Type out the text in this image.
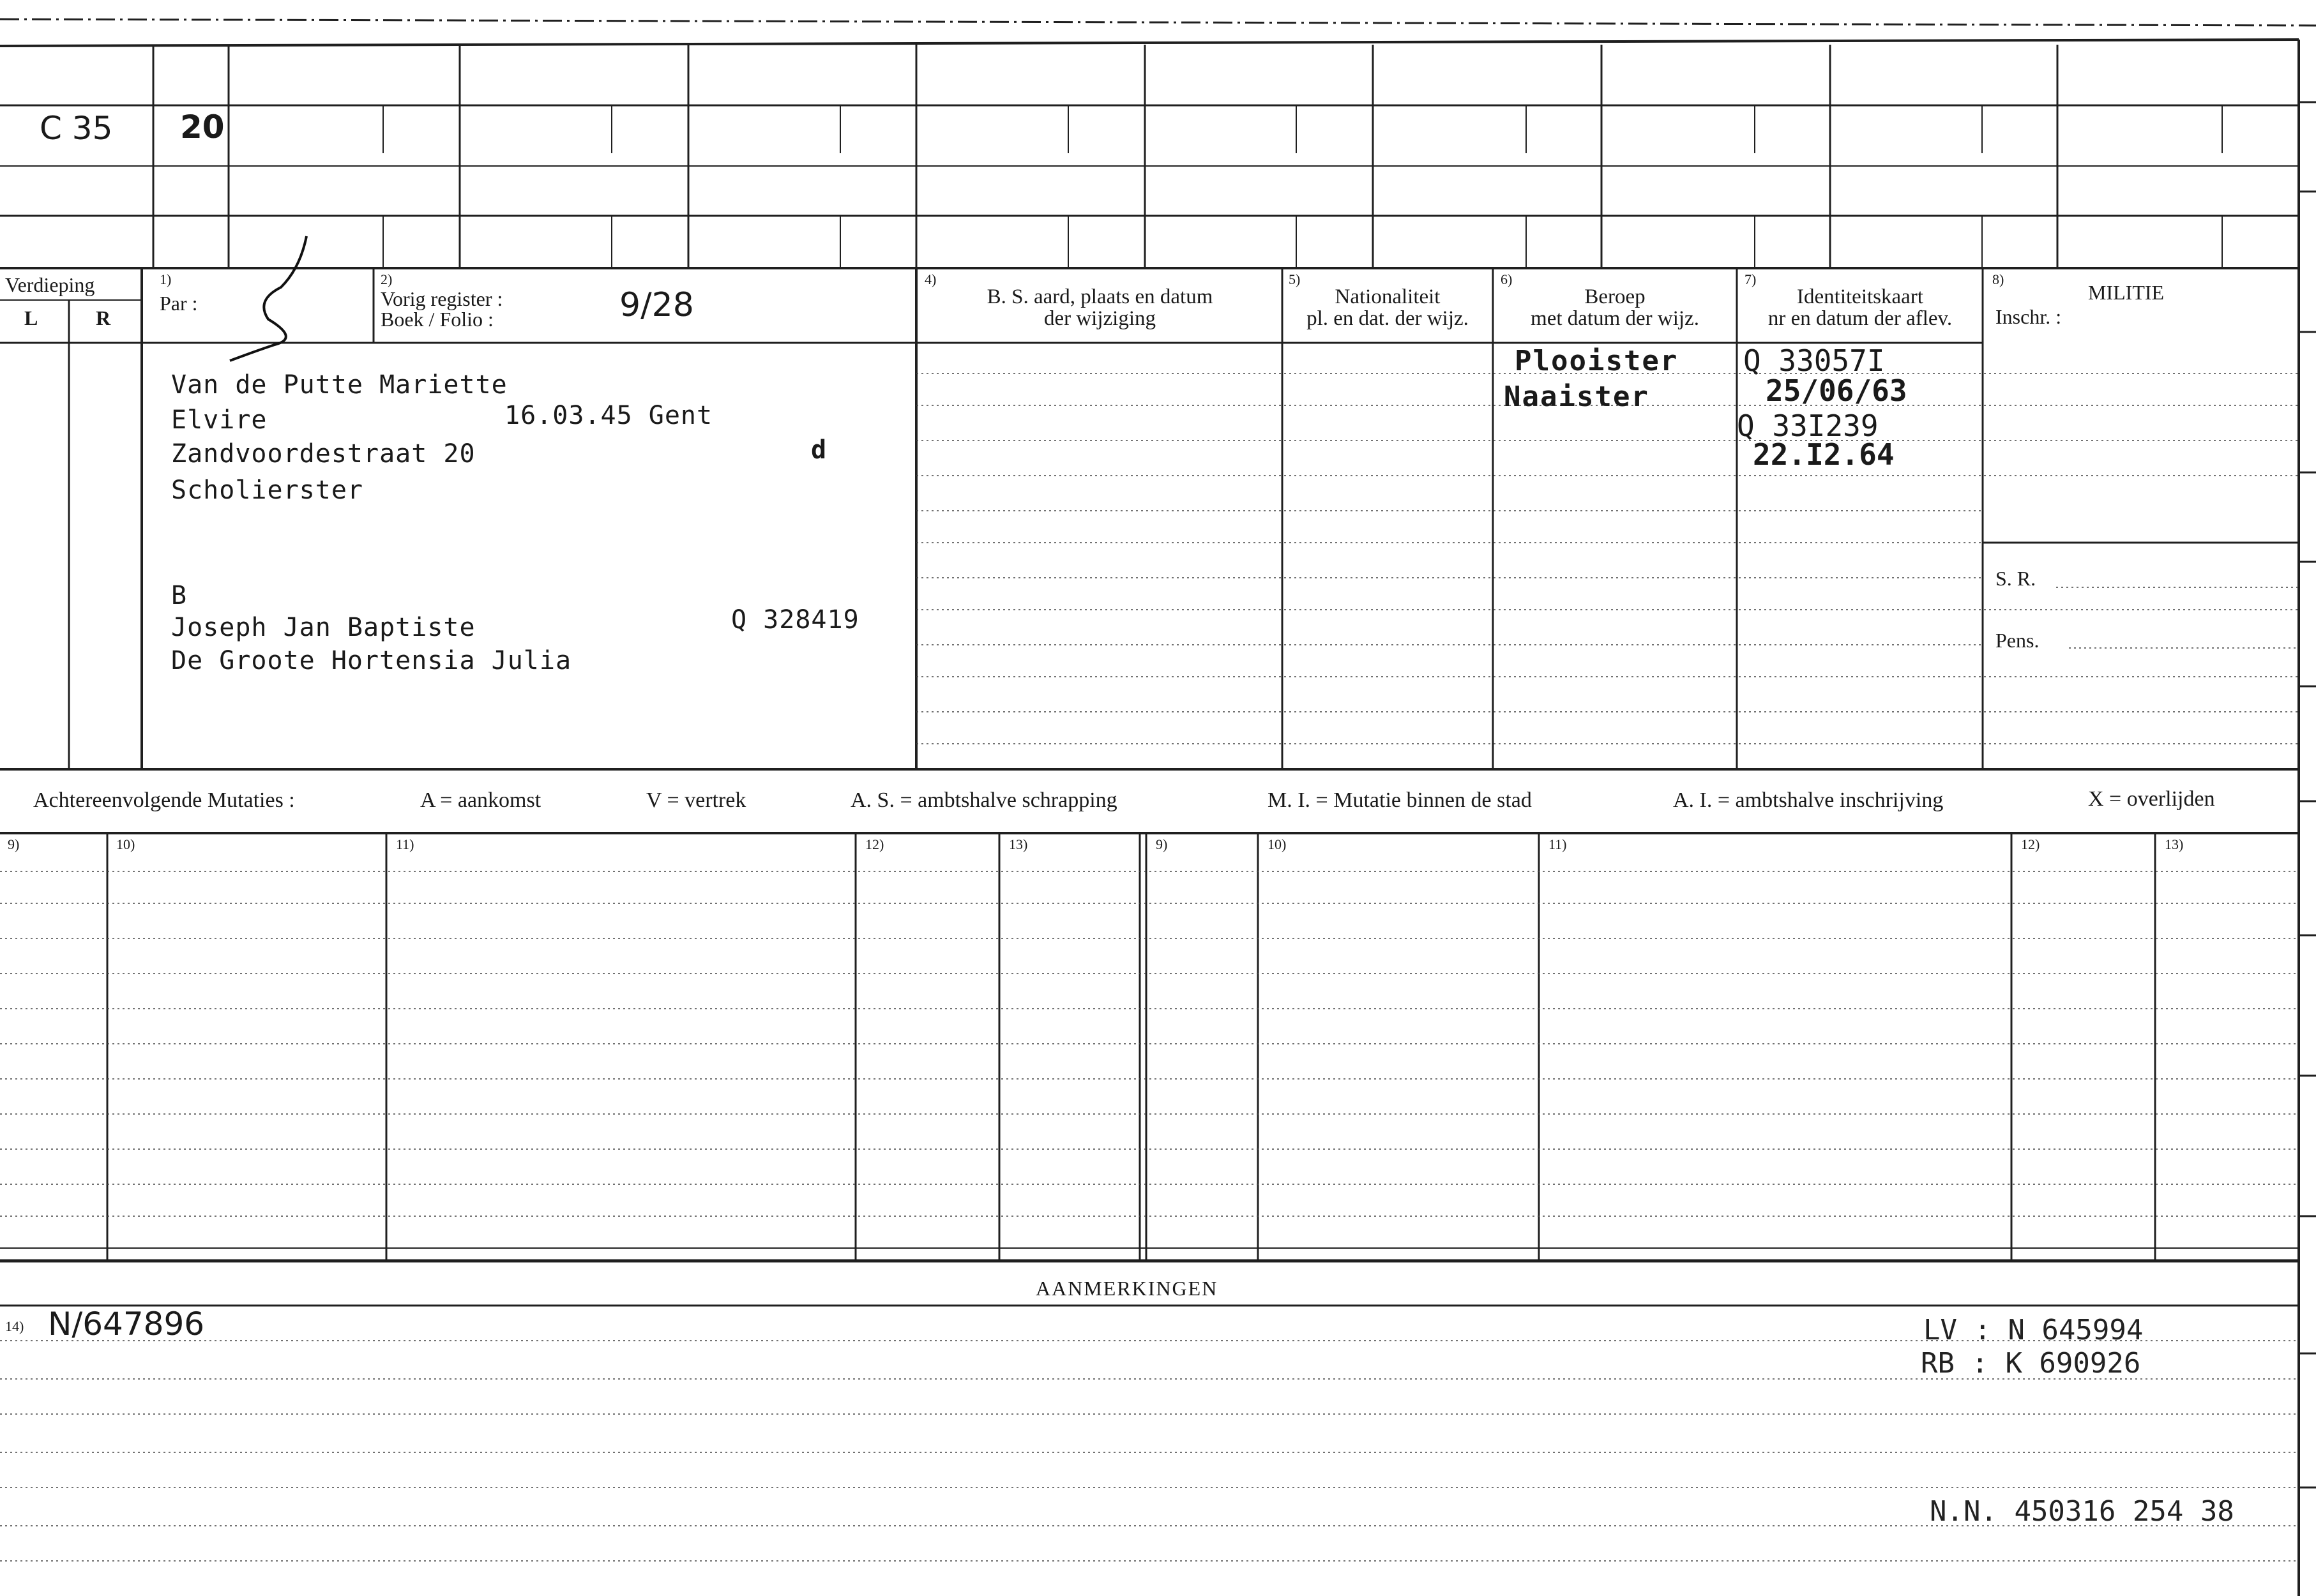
C 35 20
Verdieping
L	R
1)
Par :
2)
Vorig register :
Boek / Folio :	9/28
4)
B. S. aard, plaats en datum
der wijziging
5)
Nationaliteit
pl. en dat. der wijz.
6)
Beroep
met datum der wijz.
7)
Identiteitskaart
nr en datum der aflev.
8)
MILITIE
Inschr. :
S. R.
Pens.
Van de Putte Mariette
Elvire	16.03.45 Gent
Zandvoordestraat 20	d
Scholierster
B
Joseph Jan Baptiste	Q 328419
De Groote Hortensia Julia
Plooister
Naaister
Q 33057I
25/06/63
Q 33I239
22.I2.64
Achtereenvolgende Mutaties :	A = aankomst	V = vertrek	A. S. = ambtshalve schrapping	M. I. = Mutatie binnen de stad	A. I. = ambtshalve inschrijving	X = overlijden
9)	10)	11)	12)	13)	9)	10)	11)	12)	13)
AANMERKINGEN
14) N/647896	LV : N 645994
RB : K 690926
N.N. 450316 254 38
